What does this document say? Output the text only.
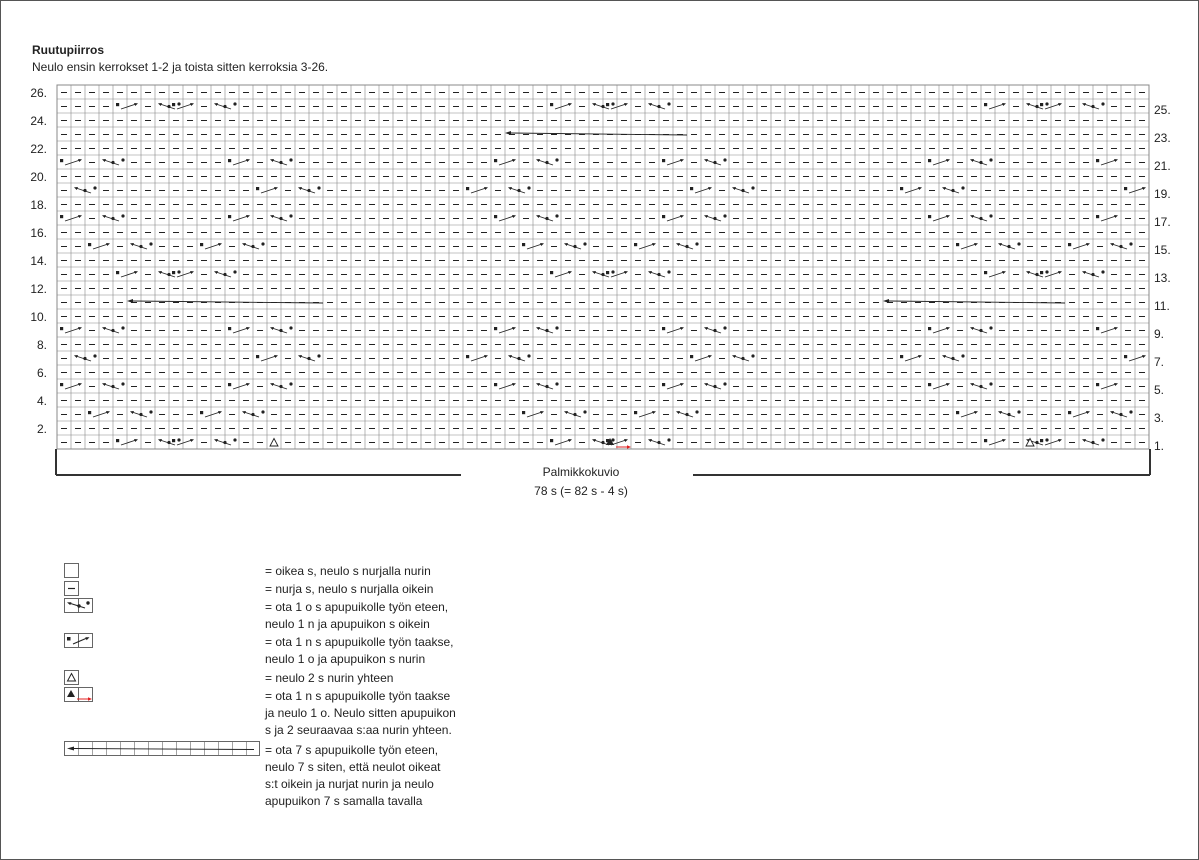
Ruutupiirros
Neulo ensin kerrokset 1-2 ja toista sitten kerroksia 3-26.
26.
24.
22.
20.
18.
16.
14.
12.
10.
8.
6.
4.
2.
25.
23.
21.
19.
17.
15.
13.
11.
9.
7.
5.
3.
1.
Palmikkokuvio
78 s (= 82 s - 4 s)
= oikea s, neulo s nurjalla nurin
= nurja s, neulo s nurjalla oikein
= ota 1 o s apupuikolle työn eteen,
neulo 1 n ja apupuikon s oikein
= ota 1 n s apupuikolle työn taakse,
neulo 1 o ja apupuikon s nurin
= neulo 2 s nurin yhteen
= ota 1 n s apupuikolle työn taakse
ja neulo 1 o. Neulo sitten apupuikon
s ja 2 seuraavaa s:aa nurin yhteen.
= ota 7 s apupuikolle työn eteen,
neulo 7 s siten, että neulot oikeat
s:t oikein ja nurjat nurin ja neulo
apupuikon 7 s samalla tavalla
